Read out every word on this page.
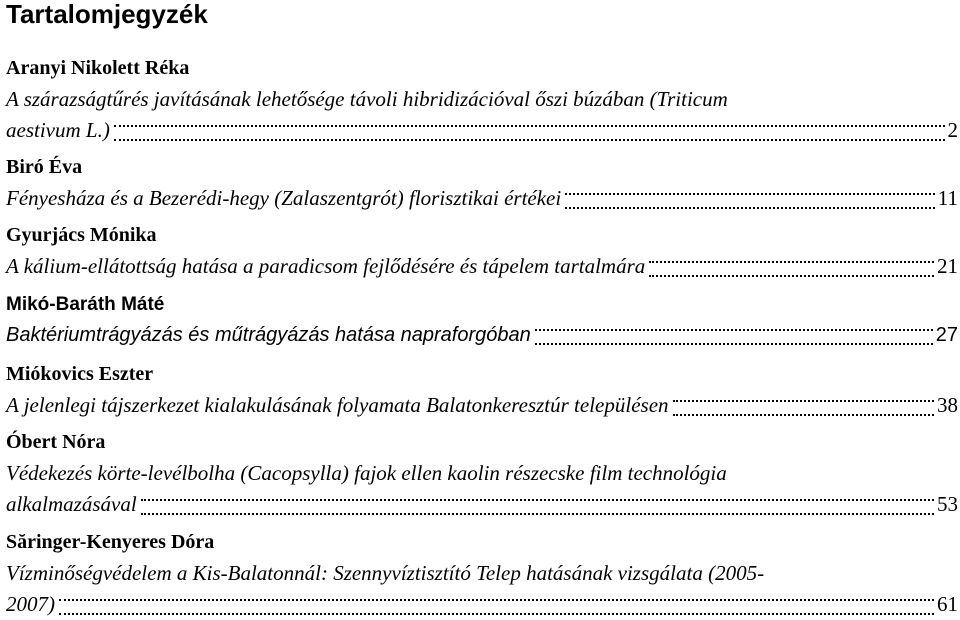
Tartalomjegyzék
Aranyi Nikolett Réka
A szárazságtűrés javításának lehetősége távoli hibridizációval őszi búzában (Triticum
aestivum L.)	2
Biró Éva
Fényesháza és a Bezerédi-hegy (Zalaszentgrót) florisztikai értékei	11
Gyurjács Mónika
A kálium-ellátottság hatása a paradicsom fejlődésére és tápelem tartalmára	21
Mikó-Baráth Máté
Baktériumtrágyázás és műtrágyázás hatása napraforgóban	27
Miókovics Eszter
A jelenlegi tájszerkezet kialakulásának folyamata Balatonkeresztúr településen	38
Óbert Nóra
Védekezés körte-levélbolha (Cacopsylla) fajok ellen kaolin részecske film technológia
alkalmazásával	53
Săringer-Kenyeres Dóra
Vízminőségvédelem a Kis-Balatonnál: Szennyvíztisztító Telep hatásának vizsgálata (2005-
2007)	61
